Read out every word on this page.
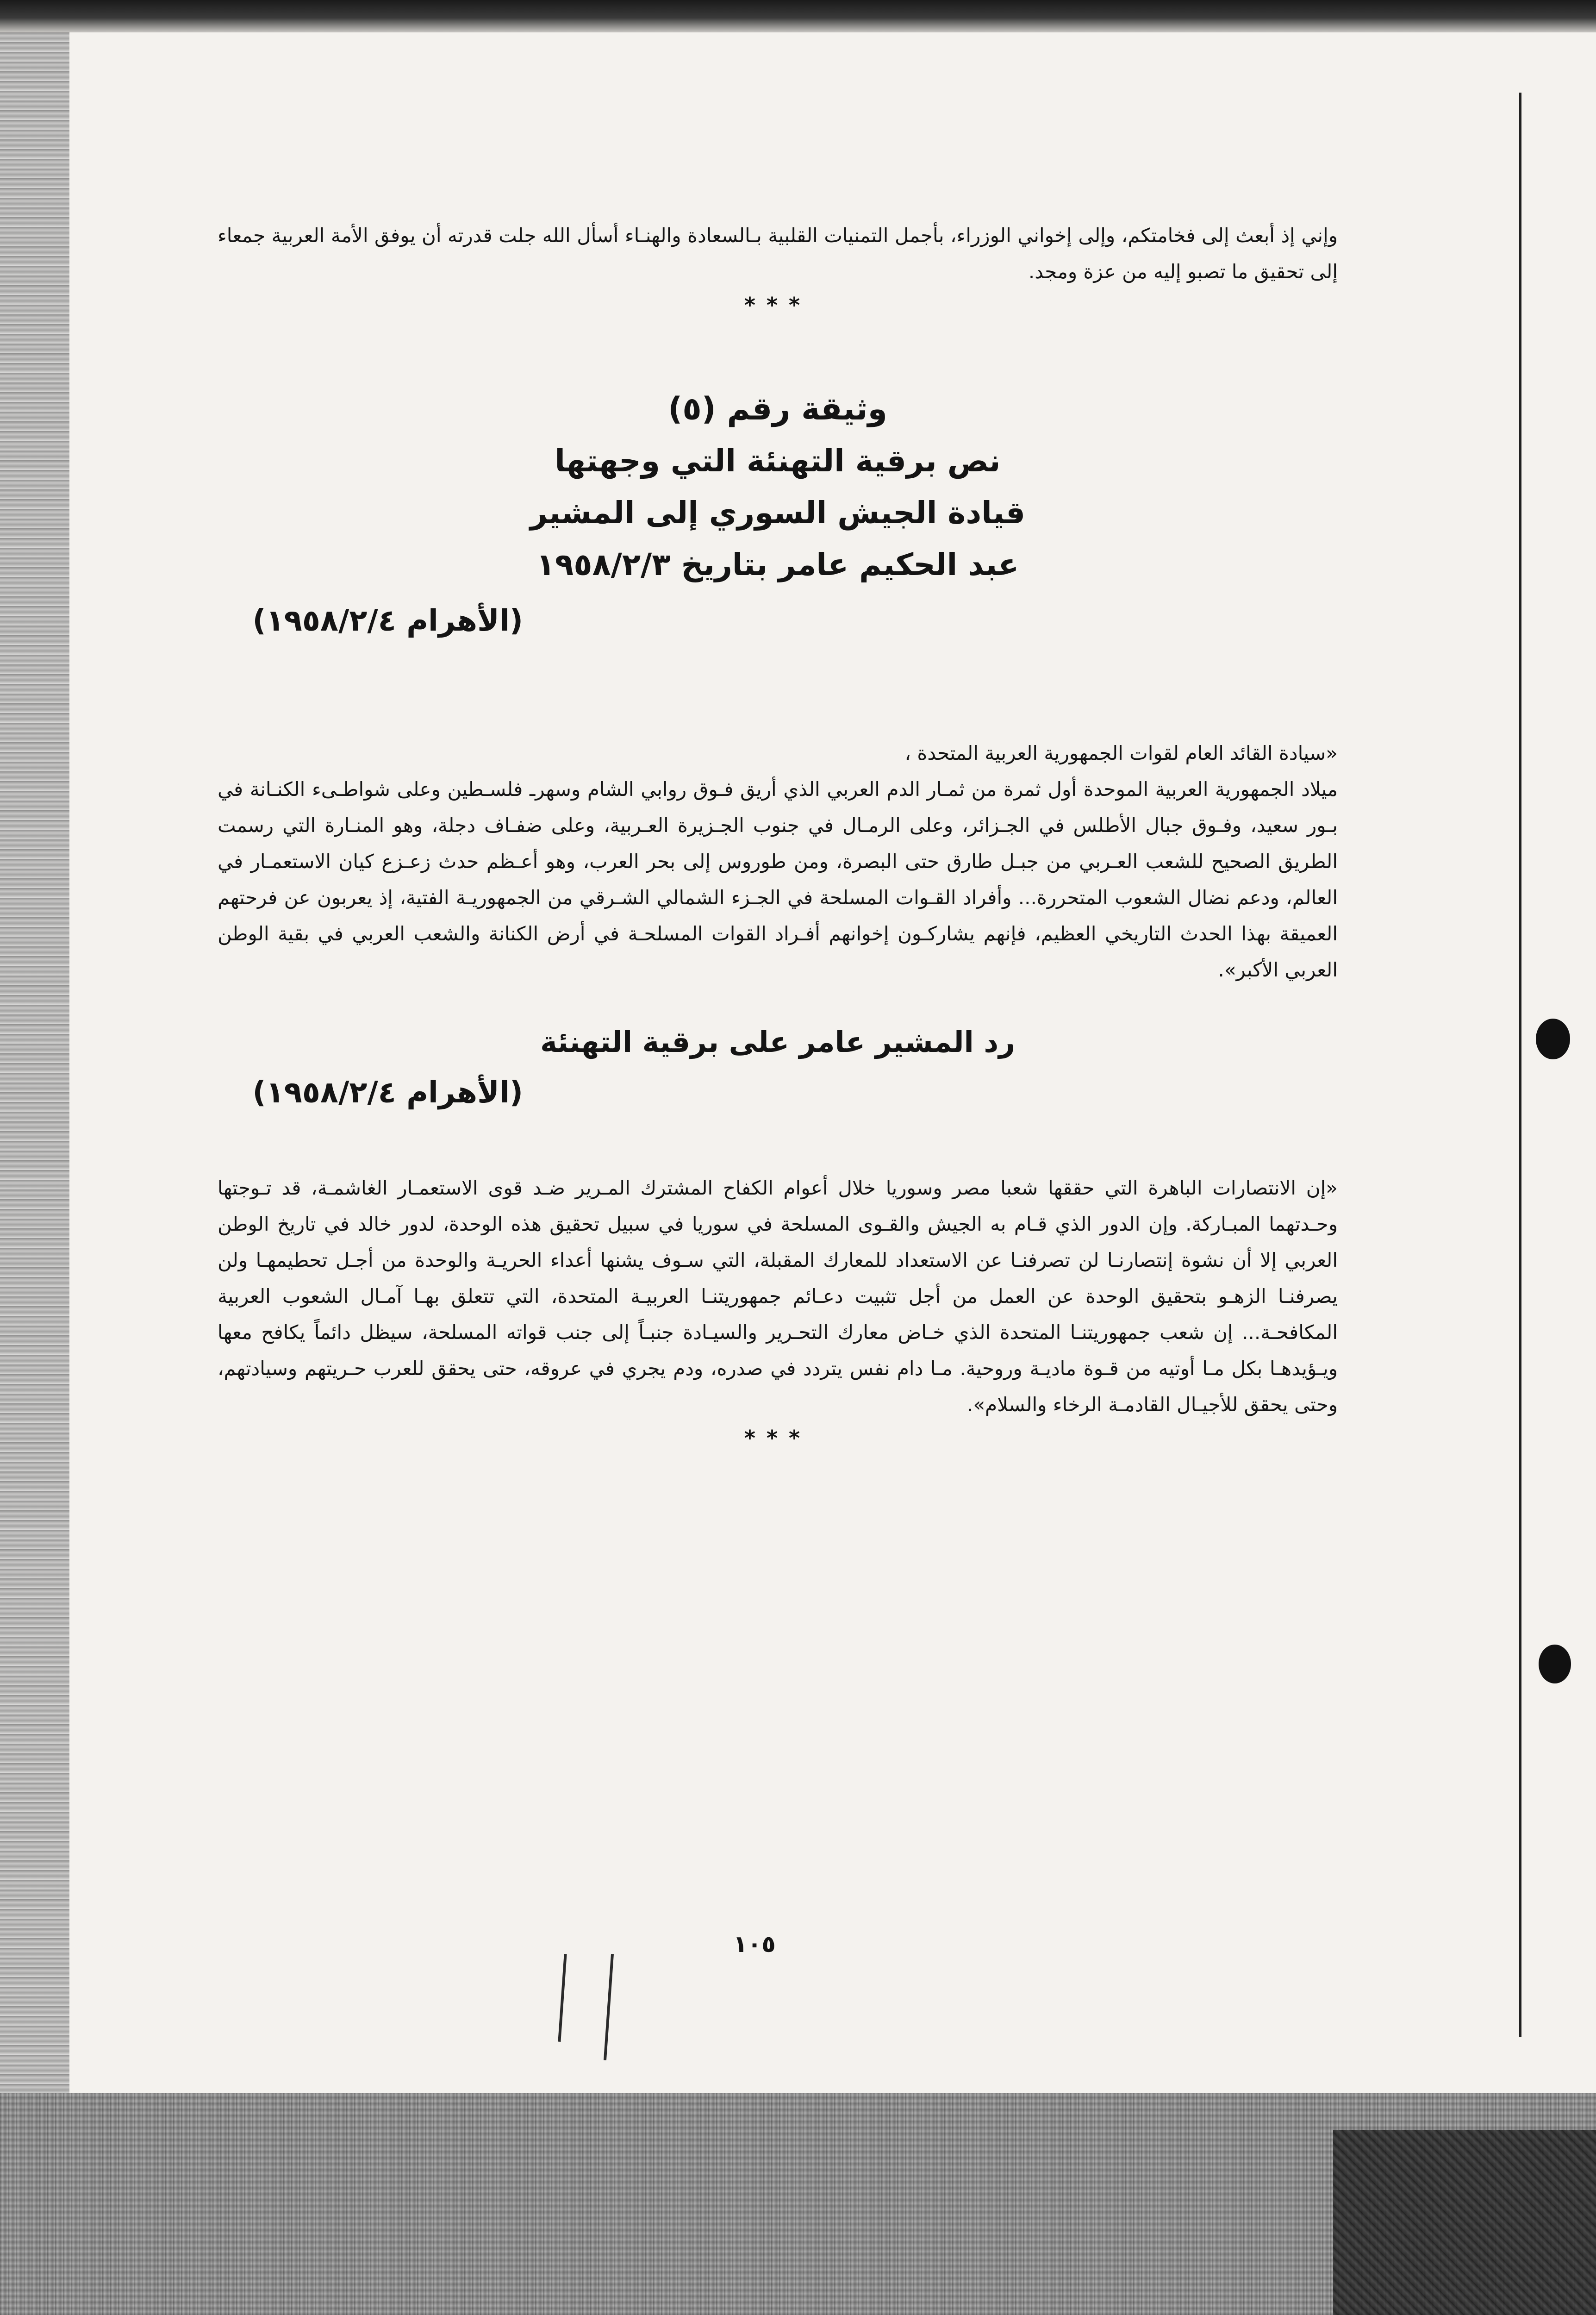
وإني إذ أبعث إلى فخامتكم، وإلى إخواني الوزراء، بأجمل التمنيات القلبية بـالسعادة والهنـاء أسأل الله جلت قدرته أن يوفق الأمة العربية جمعاء إلى تحقيق ما تصبو إليه من عزة ومجد.

***
وثيقة رقم (٥)
نص برقية التهنئة التي وجهتها
قيادة الجيش السوري إلى المشير
عبد الحكيم عامر بتاريخ ١٩٥٨/٢/٣
(الأهرام ١٩٥٨/٢/٤)

«سيادة القائد العام لقوات الجمهورية العربية المتحدة ،

ميلاد الجمهورية العربية الموحدة أول ثمرة من ثمـار الدم العربي الذي أريق فـوق روابي الشام وسهرـ فلسـطين وعلى شواطـىء الكنـانة في بـور سعيد، وفـوق جبال الأطلس في الجـزائر، وعلى الرمـال في جنوب الجـزيرة العـربية، وعلى ضفـاف دجلة، وهو المنـارة التي رسمت الطريق الصحيح للشعب العـربي من جبـل طارق حتى البصرة، ومن طوروس إلى بحر العرب، وهو أعـظم حدث زعـزع كيان الاستعمـار في العالم، ودعم نضال الشعوب المتحررة... وأفراد القـوات المسلحة في الجـزء الشمالي الشـرقي من الجمهوريـة الفتية، إذ يعربون عن فرحتهم العميقة بهذا الحدث التاريخي العظيم، فإنهم يشاركـون إخوانهم أفـراد القوات المسلحـة في أرض الكنانة والشعب العربي في بقية الوطن العربي الأكبر».

رد المشير عامر على برقية التهنئة
(الأهرام ١٩٥٨/٢/٤)

«إن الانتصارات الباهرة التي حققها شعبا مصر وسوريا خلال أعوام الكفاح المشترك المـرير ضـد قوى الاستعمـار الغاشمـة، قد تـوجتها وحـدتهما المبـاركة. وإن الدور الذي قـام به الجيش والقـوى المسلحة في سوريا في سبيل تحقيق هذه الوحدة، لدور خالد في تاريخ الوطن العربي إلا أن نشوة إنتصارنـا لن تصرفنـا عن الاستعداد للمعارك المقبلة، التي سـوف يشنها أعداء الحريـة والوحدة من أجـل تحطيمهـا ولن يصرفنـا الزهـو بتحقيق الوحدة عن العمل من أجل تثبيت دعـائم جمهوريتنـا العربيـة المتحدة، التي تتعلق بهـا آمـال الشعوب العربية المكافحـة... إن شعب جمهوريتنـا المتحدة الذي خـاض معارك التحـرير والسيـادة جنبـاً إلى جنب قواته المسلحة، سيظل دائماً يكافح معها ويـؤيدهـا بكل مـا أوتيه من قـوة ماديـة وروحية. مـا دام نفس يتردد في صدره، ودم يجري في عروقه، حتى يحقق للعرب حـريتهم وسيادتهم، وحتى يحقق للأجيـال القادمـة الرخاء والسلام».

***
١٠٥
